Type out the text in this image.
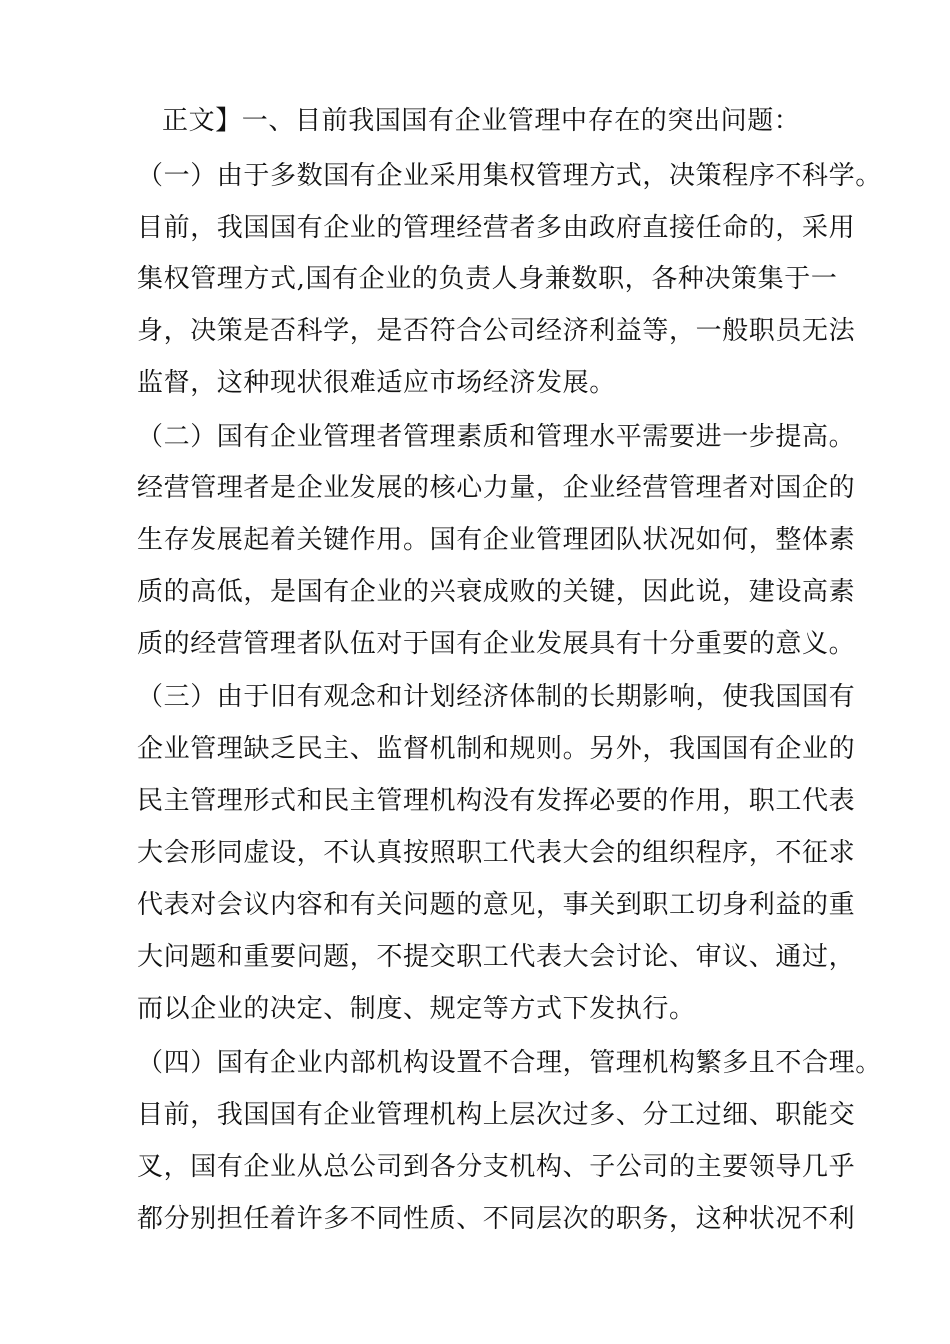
正文】一、目前我国国有企业管理中存在的突出问题：
（一）由于多数国有企业采用集权管理方式，决策程序不科学。
目前，我国国有企业的管理经营者多由政府直接任命的，采用
集权管理方式,国有企业的负责人身兼数职，各种决策集于一
身，决策是否科学，是否符合公司经济利益等，一般职员无法
监督，这种现状很难适应市场经济发展。
（二）国有企业管理者管理素质和管理水平需要进一步提高。
经营管理者是企业发展的核心力量，企业经营管理者对国企的
生存发展起着关键作用。国有企业管理团队状况如何，整体素
质的高低，是国有企业的兴衰成败的关键，因此说，建设高素
质的经营管理者队伍对于国有企业发展具有十分重要的意义。
（三）由于旧有观念和计划经济体制的长期影响，使我国国有
企业管理缺乏民主、监督机制和规则。另外，我国国有企业的
民主管理形式和民主管理机构没有发挥必要的作用，职工代表
大会形同虚设，不认真按照职工代表大会的组织程序，不征求
代表对会议内容和有关问题的意见，事关到职工切身利益的重
大问题和重要问题，不提交职工代表大会讨论、审议、通过，
而以企业的决定、制度、规定等方式下发执行。
（四）国有企业内部机构设置不合理，管理机构繁多且不合理。
目前，我国国有企业管理机构上层次过多、分工过细、职能交
叉，国有企业从总公司到各分支机构、子公司的主要领导几乎
都分别担任着许多不同性质、不同层次的职务，这种状况不利
